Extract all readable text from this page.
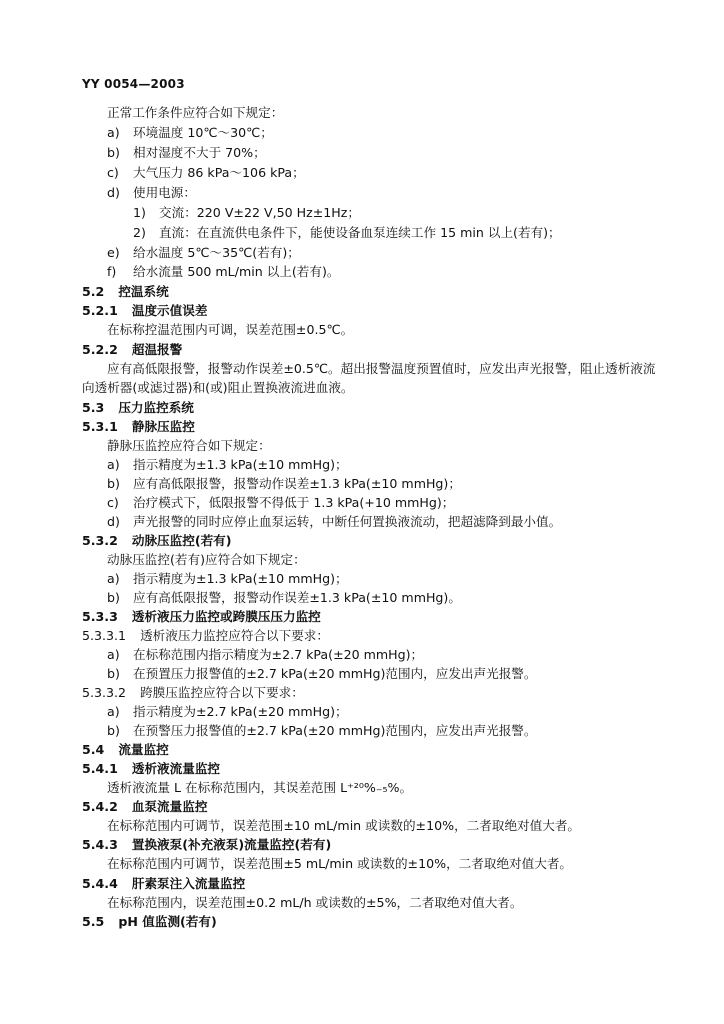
YY 0054—2003
正常工作条件应符合如下规定：
a) 环境温度 10℃～30℃；
b) 相对湿度不大于 70%；
c) 大气压力 86 kPa～106 kPa；
d) 使用电源：
1) 交流：220 V±22 V,50 Hz±1Hz；
2) 直流：在直流供电条件下，能使设备血泵连续工作 15 min 以上(若有)；
e) 给水温度 5℃～35℃(若有)；
f) 给水流量 500 mL/min 以上(若有)。
5.2 控温系统
5.2.1 温度示值误差
在标称控温范围内可调，误差范围±0.5℃。
5.2.2 超温报警
应有高低限报警，报警动作误差±0.5℃。超出报警温度预置值时，应发出声光报警，阻止透析液流
向透析器(或滤过器)和(或)阻止置换液流进血液。
5.3 压力监控系统
5.3.1 静脉压监控
静脉压监控应符合如下规定：
a) 指示精度为±1.3 kPa(±10 mmHg)；
b) 应有高低限报警，报警动作误差±1.3 kPa(±10 mmHg)；
c) 治疗模式下，低限报警不得低于 1.3 kPa(+10 mmHg)；
d) 声光报警的同时应停止血泵运转，中断任何置换液流动，把超滤降到最小值。
5.3.2 动脉压监控(若有)
动脉压监控(若有)应符合如下规定：
a) 指示精度为±1.3 kPa(±10 mmHg)；
b) 应有高低限报警，报警动作误差±1.3 kPa(±10 mmHg)。
5.3.3 透析液压力监控或跨膜压压力监控
5.3.3.1 透析液压力监控应符合以下要求：
a) 在标称范围内指示精度为±2.7 kPa(±20 mmHg)；
b) 在预置压力报警值的±2.7 kPa(±20 mmHg)范围内，应发出声光报警。
5.3.3.2 跨膜压监控应符合以下要求：
a) 指示精度为±2.7 kPa(±20 mmHg)；
b) 在预警压力报警值的±2.7 kPa(±20 mmHg)范围内，应发出声光报警。
5.4 流量监控
5.4.1 透析液流量监控
透析液流量 L 在标称范围内，其误差范围 L⁺²⁰%₋₅%。
5.4.2 血泵流量监控
在标称范围内可调节，误差范围±10 mL/min 或读数的±10%，二者取绝对值大者。
5.4.3 置换液泵(补充液泵)流量监控(若有)
在标称范围内可调节，误差范围±5 mL/min 或读数的±10%，二者取绝对值大者。
5.4.4 肝素泵注入流量监控
在标称范围内，误差范围±0.2 mL/h 或读数的±5%，二者取绝对值大者。
5.5 pH 值监测(若有)
